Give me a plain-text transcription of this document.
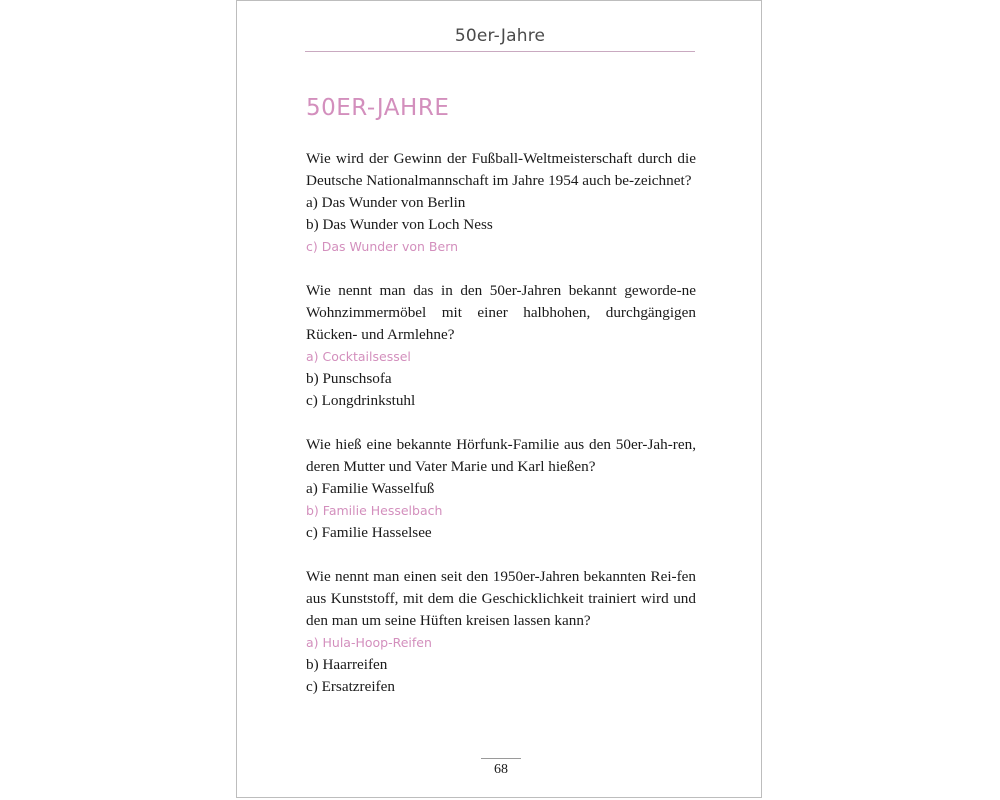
50er-Jahre
50ER-JAHRE

Wie wird der Gewinn der Fußball-Weltmeisterschaft durch die Deutsche Nationalmannschaft im Jahre 1954 auch be-zeichnet?

a) Das Wunder von Berlin

b) Das Wunder von Loch Ness

c) Das Wunder von Bern

Wie nennt man das in den 50er-Jahren bekannt geworde-ne Wohnzimmermöbel mit einer halbhohen, durchgängigen Rücken- und Armlehne?

a) Cocktailsessel

b) Punschsofa

c) Longdrinkstuhl

Wie hieß eine bekannte Hörfunk-Familie aus den 50er-Jah-ren, deren Mutter und Vater Marie und Karl hießen?

a) Familie Wasselfuß

b) Familie Hesselbach

c) Familie Hasselsee

Wie nennt man einen seit den 1950er-Jahren bekannten Rei-fen aus Kunststoff, mit dem die Geschicklichkeit trainiert wird und den man um seine Hüften kreisen lassen kann?

a) Hula-Hoop-Reifen

b) Haarreifen

c) Ersatzreifen

68
